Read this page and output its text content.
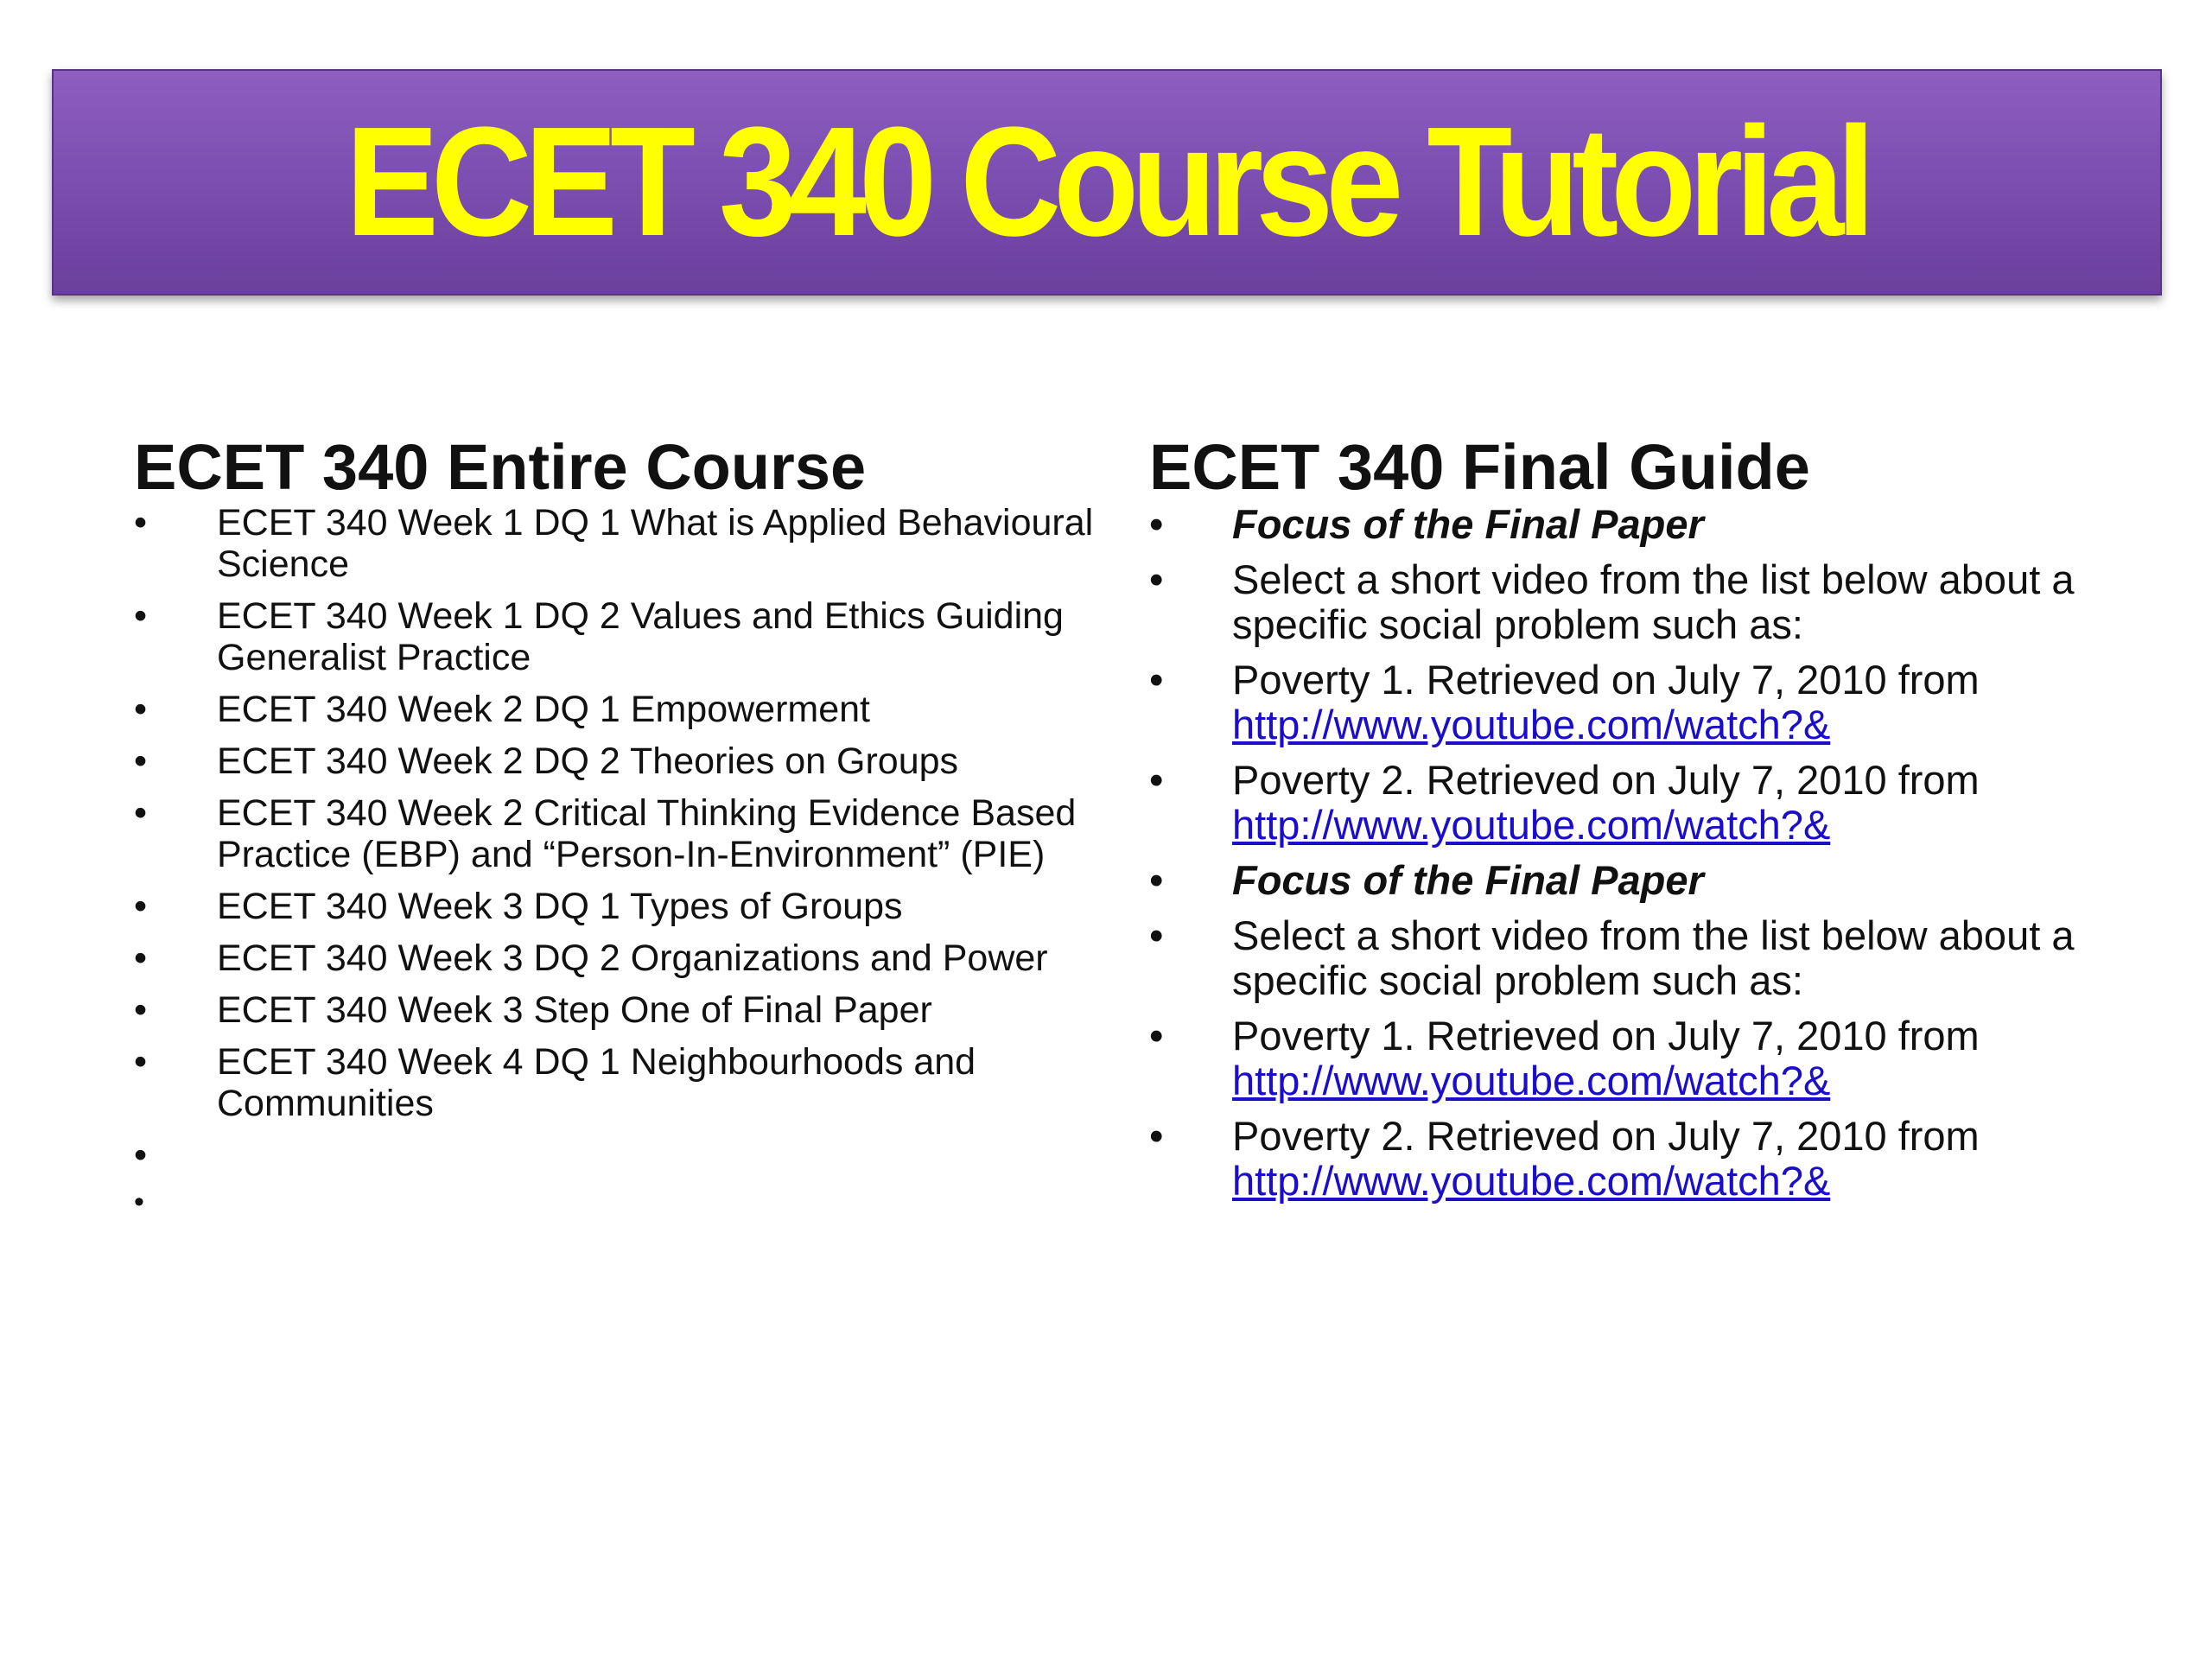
ECET 340 Course Tutorial
ECET 340 Entire Course
• ECET 340 Week 1 DQ 1 What is Applied Behavioural Science
• ECET 340 Week 1 DQ 2 Values and Ethics Guiding Generalist Practice
• ECET 340 Week 2 DQ 1 Empowerment
• ECET 340 Week 2 DQ 2 Theories on Groups
• ECET 340 Week 2 Critical Thinking Evidence Based Practice (EBP) and “Person-In-Environment” (PIE)
• ECET 340 Week 3 DQ 1 Types of Groups
• ECET 340 Week 3 DQ 2 Organizations and Power
• ECET 340 Week 3 Step One of Final Paper
• ECET 340 Week 4 DQ 1 Neighbourhoods and Communities
•
•
ECET 340 Final Guide
• Focus of the Final Paper
• Select a short video from the list below about a specific social problem such as:
• Poverty 1. Retrieved on July 7, 2010 from
http://www.youtube.com/watch?&
• Poverty 2. Retrieved on July 7, 2010 from
http://www.youtube.com/watch?&
• Focus of the Final Paper
• Select a short video from the list below about a specific social problem such as:
• Poverty 1. Retrieved on July 7, 2010 from
http://www.youtube.com/watch?&
• Poverty 2. Retrieved on July 7, 2010 from
http://www.youtube.com/watch?&
